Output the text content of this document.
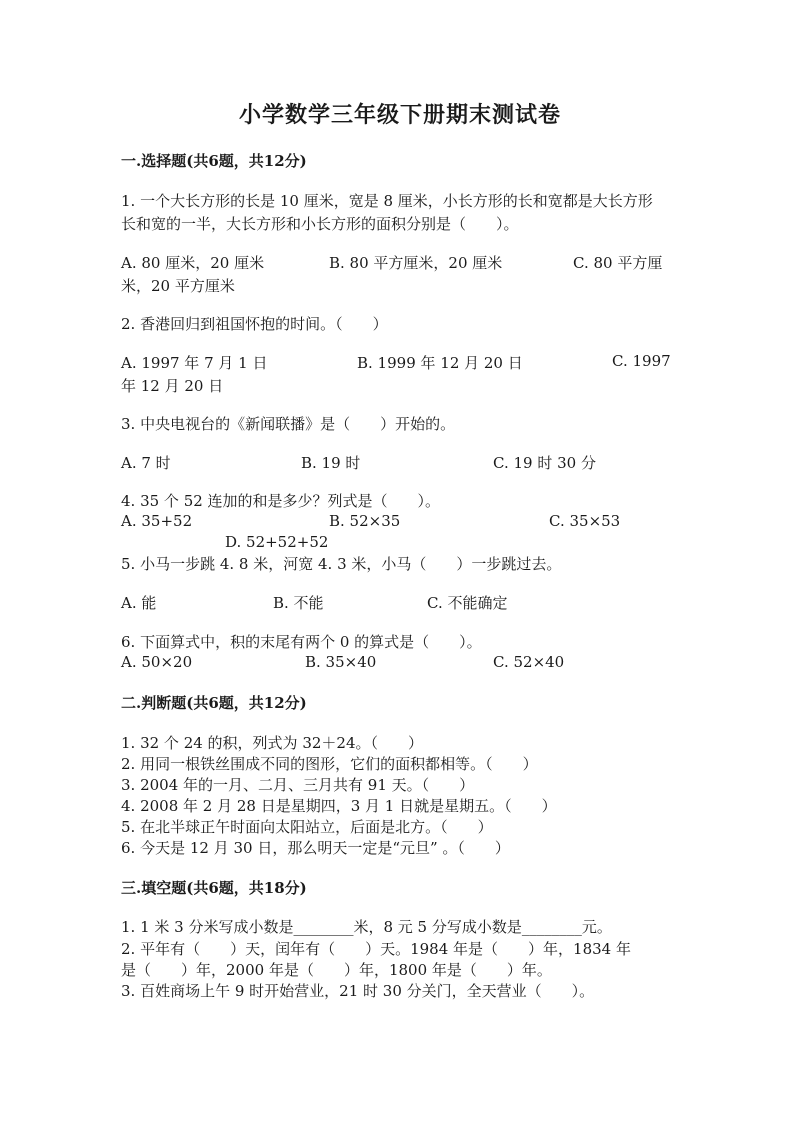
小学数学三年级下册期末测试卷
一.选择题(共6题，共12分)
1. 一个大长方形的长是 10 厘米，宽是 8 厘米，小长方形的长和宽都是大长方形
长和宽的一半，大长方形和小长方形的面积分别是（　　）。
A. 80 厘米，20 厘米	B. 80 平方厘米，20 厘米	C. 80 平方厘
米，20 平方厘米
2. 香港回归到祖国怀抱的时间。（　　）
A. 1997 年 7 月 1 日	B. 1999 年 12 月 20 日	C. 1997
年 12 月 20 日
3. 中央电视台的《新闻联播》是（　　）开始的。
A. 7 时	B. 19 时	C. 19 时 30 分
4. 35 个 52 连加的和是多少？列式是（　　）。
A. 35+52	B. 52×35	C. 35×53
D. 52+52+52
5. 小马一步跳 4. 8 米，河宽 4. 3 米，小马（　　）一步跳过去。
A. 能	B. 不能	C. 不能确定
6. 下面算式中，积的末尾有两个 0 的算式是（　　）。
A. 50×20	B. 35×40	C. 52×40
二.判断题(共6题，共12分)
1. 32 个 24 的积，列式为 32＋24。（　　）
2. 用同一根铁丝围成不同的图形，它们的面积都相等。（　　）
3. 2004 年的一月、二月、三月共有 91 天。（　　）
4. 2008 年 2 月 28 日是星期四，3 月 1 日就是星期五。（　　）
5. 在北半球正午时面向太阳站立，后面是北方。（　　）
6. 今天是 12 月 30 日，那么明天一定是“元旦” 。（　　）
三.填空题(共6题，共18分)
1. 1 米 3 分米写成小数是________米，8 元 5 分写成小数是________元。
2. 平年有（　　）天，闰年有（　　）天。1984 年是（　　）年，1834 年
是（　　）年，2000 年是（　　）年，1800 年是（　　）年。
3. 百姓商场上午 9 时开始营业，21 时 30 分关门，全天营业（　　）。
